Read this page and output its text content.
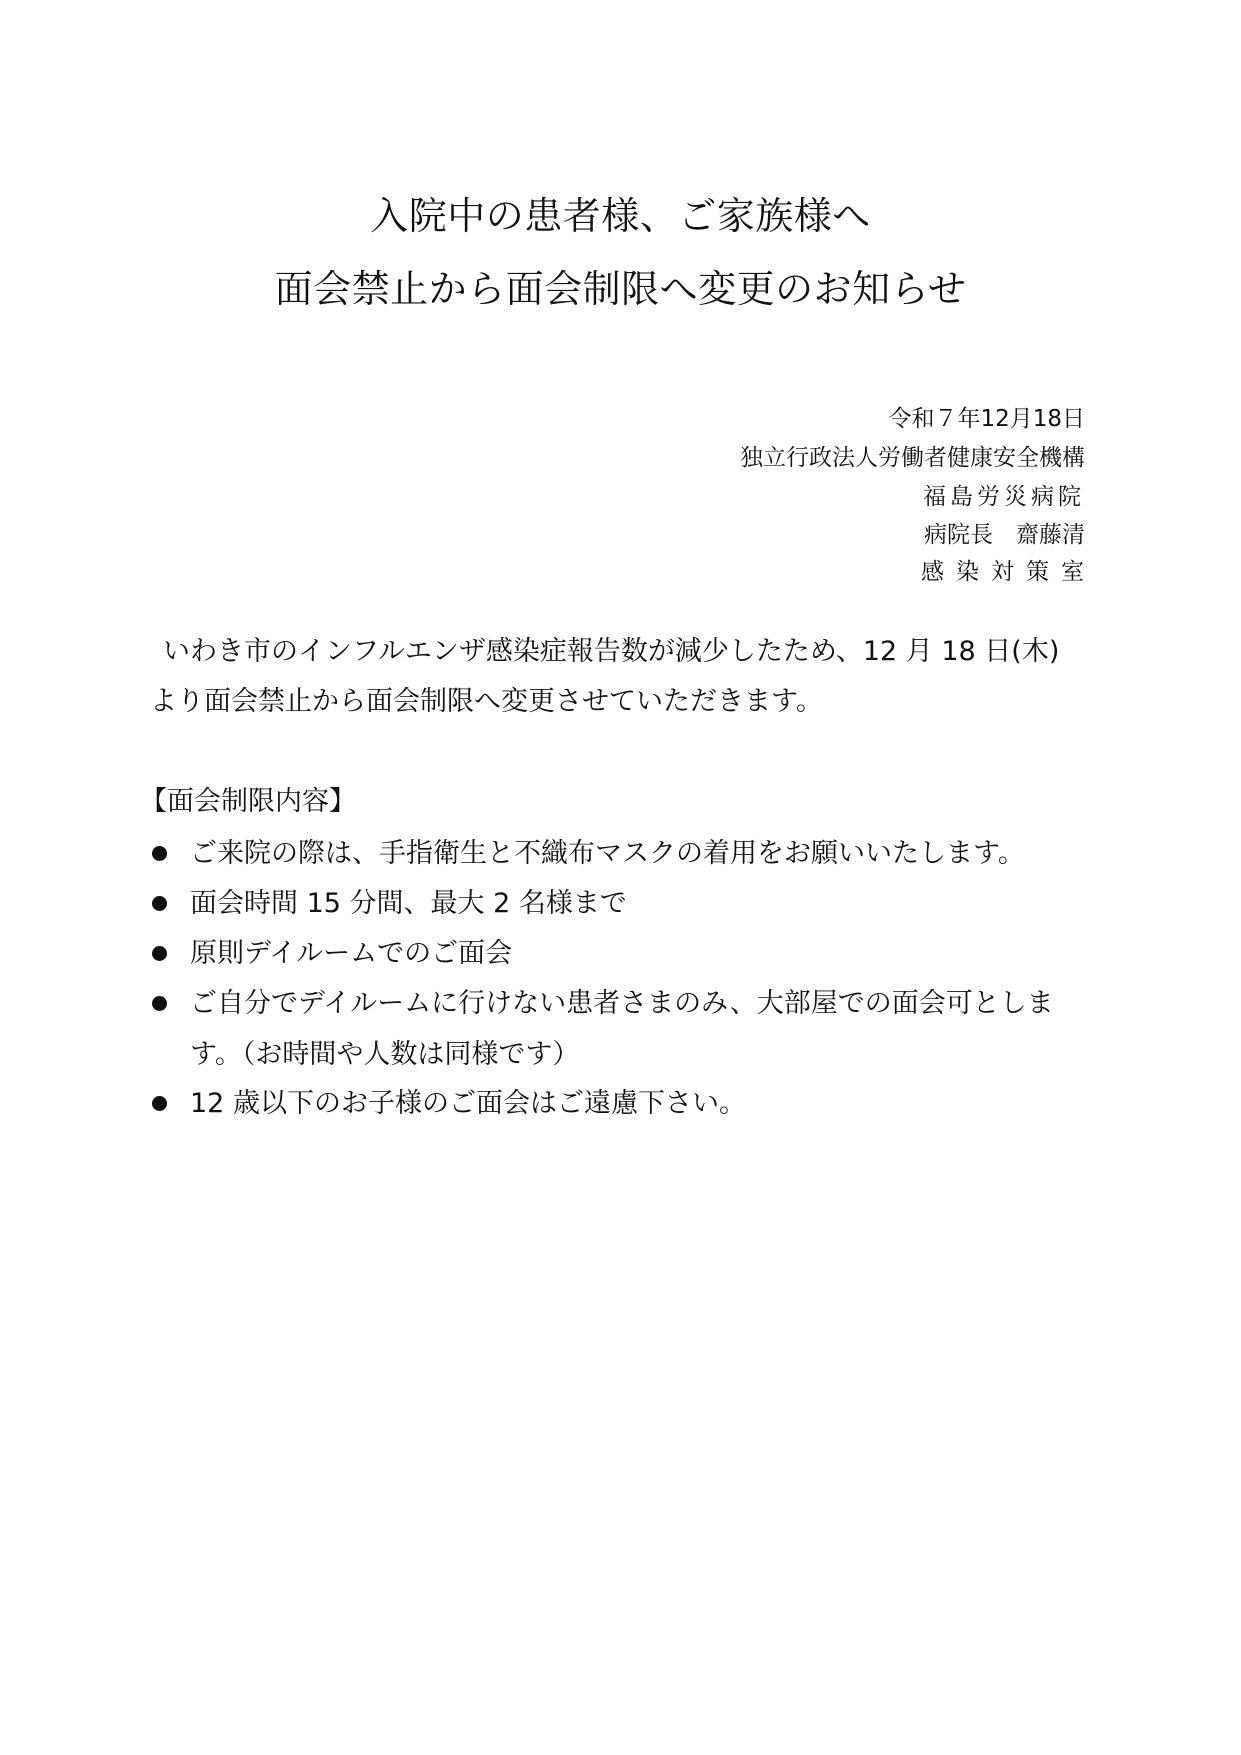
入院中の患者様、ご家族様へ
面会禁止から面会制限へ変更のお知らせ
令和７年12月18日
独立行政法人労働者健康安全機構
福島労災病院
病院長　齋藤清
感染対策室
いわき市のインフルエンザ感染症報告数が減少したため、12 月 18 日(木)
より面会禁止から面会制限へ変更させていただきます。
【面会制限内容】
ご来院の際は、手指衛生と不織布マスクの着用をお願いいたします。
面会時間 15 分間、最大 2 名様まで
原則デイルームでのご面会
ご自分でデイルームに行けない患者さまのみ、大部屋での面会可としま
す。（お時間や人数は同様です）
12 歳以下のお子様のご面会はご遠慮下さい。
